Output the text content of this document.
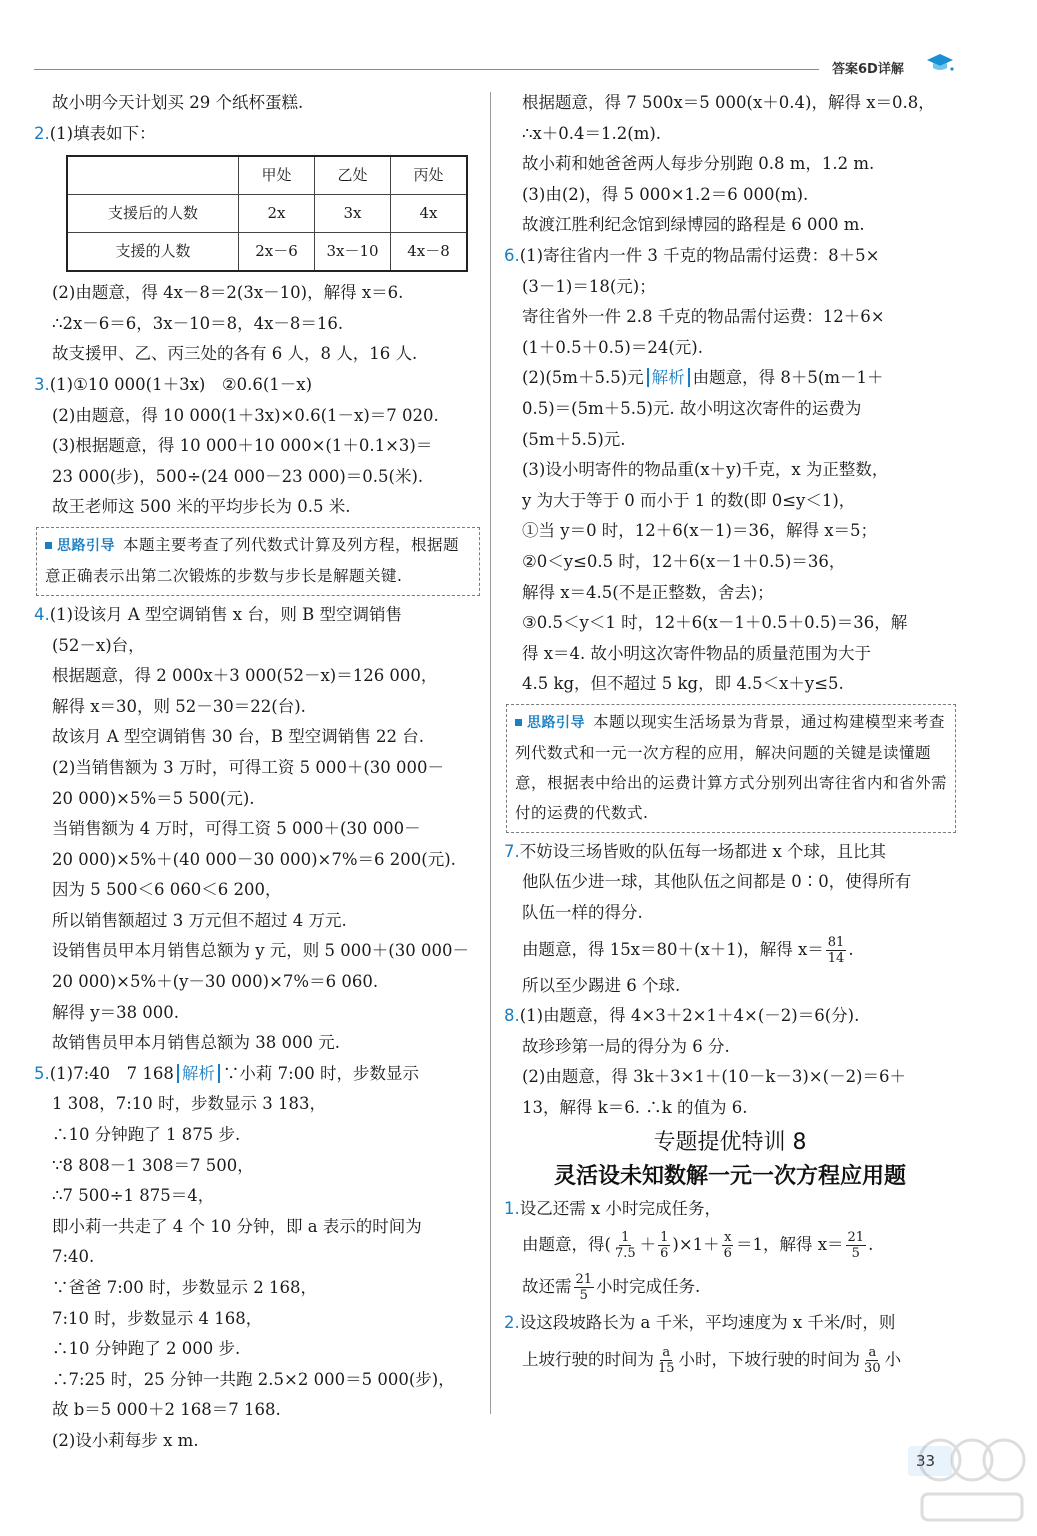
答案6D详解

故小明今天计划买 29 个纸杯蛋糕.

2.(1)填表如下：

	甲处	乙处	丙处
支援后的人数	2x	3x	4x
支援的人数	2x－6	3x－10	4x－8

(2)由题意，得 4x－8＝2(3x－10)，解得 x＝6.

∴2x－6＝6，3x－10＝8，4x－8＝16.

故支援甲、乙、丙三处的各有 6 人，8 人，16 人.

3.(1)①10 000(1＋3x)　②0.6(1－x)

(2)由题意，得 10 000(1＋3x)×0.6(1－x)＝7 020.

(3)根据题意，得 10 000＋10 000×(1＋0.1×3)＝

23 000(步)，500÷(24 000－23 000)＝0.5(米).

故王老师这 500 米的平均步长为 0.5 米.

思路引导 本题主要考查了列代数式计算及列方程，根据题意正确表示出第二次锻炼的步数与步长是解题关键.

4.(1)设该月 A 型空调销售 x 台，则 B 型空调销售

(52－x)台，

根据题意，得 2 000x＋3 000(52－x)＝126 000，

解得 x＝30，则 52－30＝22(台).

故该月 A 型空调销售 30 台，B 型空调销售 22 台.

(2)当销售额为 3 万时，可得工资 5 000＋(30 000－

20 000)×5%＝5 500(元).

当销售额为 4 万时，可得工资 5 000＋(30 000－

20 000)×5%＋(40 000－30 000)×7%＝6 200(元).

因为 5 500＜6 060＜6 200，

所以销售额超过 3 万元但不超过 4 万元.

设销售员甲本月销售总额为 y 元，则 5 000＋(30 000－

20 000)×5%＋(y－30 000)×7%＝6 060.

解得 y＝38 000.

故销售员甲本月销售总额为 38 000 元.

5.(1)7:40　7 168 解析 ∵小莉 7:00 时，步数显示

1 308，7:10 时，步数显示 3 183，

∴10 分钟跑了 1 875 步.

∵8 808－1 308＝7 500，

∴7 500÷1 875＝4，

即小莉一共走了 4 个 10 分钟，即 a 表示的时间为

7:40.

∵爸爸 7:00 时，步数显示 2 168，

7:10 时，步数显示 4 168，

∴10 分钟跑了 2 000 步.

∴7:25 时，25 分钟一共跑 2.5×2 000＝5 000(步)，

故 b＝5 000＋2 168＝7 168.

(2)设小莉每步 x m.

根据题意，得 7 500x＝5 000(x＋0.4)，解得 x＝0.8，

∴x＋0.4＝1.2(m).

故小莉和她爸爸两人每步分别跑 0.8 m，1.2 m.

(3)由(2)，得 5 000×1.2＝6 000(m).

故渡江胜利纪念馆到绿博园的路程是 6 000 m.

6.(1)寄往省内一件 3 千克的物品需付运费：8＋5×

(3－1)＝18(元)；

寄往省外一件 2.8 千克的物品需付运费：12＋6×

(1＋0.5＋0.5)＝24(元).

(2)(5m＋5.5)元 解析 由题意，得 8＋5(m－1＋

0.5)＝(5m＋5.5)元. 故小明这次寄件的运费为

(5m＋5.5)元.

(3)设小明寄件的物品重(x＋y)千克，x 为正整数，

y 为大于等于 0 而小于 1 的数(即 0≤y＜1)，

①当 y＝0 时，12＋6(x－1)＝36，解得 x＝5；

②0＜y≤0.5 时，12＋6(x－1＋0.5)＝36，

解得 x＝4.5(不是正整数，舍去)；

③0.5＜y＜1 时，12＋6(x－1＋0.5＋0.5)＝36，解

得 x＝4. 故小明这次寄件物品的质量范围为大于

4.5 kg，但不超过 5 kg，即 4.5＜x＋y≤5.

思路引导 本题以现实生活场景为背景，通过构建模型来考查列代数式和一元一次方程的应用，解决问题的关键是读懂题意，根据表中给出的运费计算方式分别列出寄往省内和省外需付的运费的代数式.

7.不妨设三场皆败的队伍每一场都进 x 个球，且比其

他队伍少进一球，其他队伍之间都是 0∶0，使得所有

队伍一样的得分.

由题意，得 15x＝80＋(x＋1)，解得 $x= \frac{81}{14}$ .

所以至少踢进 6 个球.

8.(1)由题意，得 4×3＋2×1＋4×(－2)＝6(分).

故珍珍第一局的得分为 6 分.

(2)由题意，得 3k＋3×1＋(10－k－3)×(－2)＝6＋

13，解得 k＝6. ∴k 的值为 6.

专题提优特训 8
灵活设未知数解一元一次方程应用题

1.设乙还需 x 小时完成任务，

由题意，得( $\frac{1}{7.5} + \frac{1}{6} )\times 1+ \frac{x}{6} =1$，解得 $x= \frac{21}{5}$ .

故还需 $\frac{21}{5}$ 小时完成任务.

2.设这段坡路长为 a 千米，平均速度为 x 千米/时，则

上坡行驶的时间为 $\frac{a}{15}$ 小时，下坡行驶的时间为 $\frac{a}{30}$ 小

33
